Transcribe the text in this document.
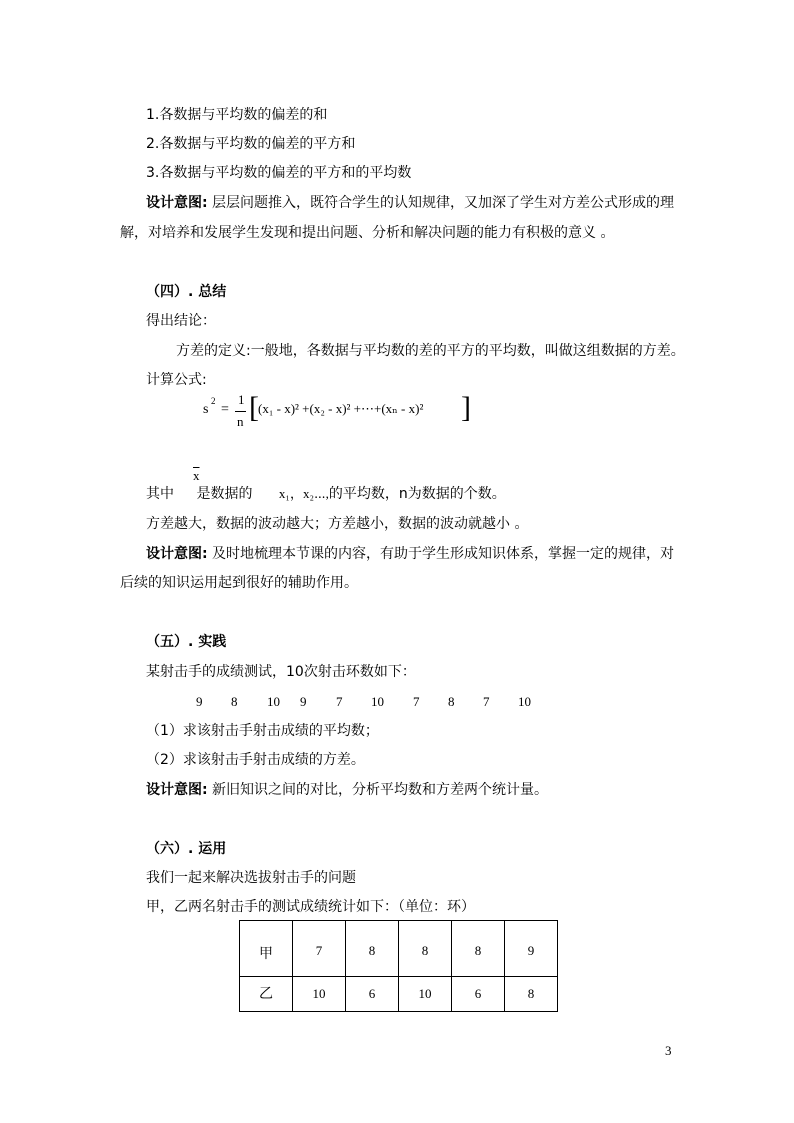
1.各数据与平均数的偏差的和
2.各数据与平均数的偏差的平方和
3.各数据与平均数的偏差的平方和的平均数
设计意图: 层层问题推入，既符合学生的认知规律，又加深了学生对方差公式形成的理
解，对培养和发展学生发现和提出问题、分析和解决问题的能力有积极的意义 。
（四）. 总结
得出结论：
方差的定义:一般地，各数据与平均数的差的平方的平均数，叫做这组数据的方差。
计算公式:
s
2
=
1
n [ (x₁ - x)² +(x₂ - x)² +⋯+(xₙ - x)² ]
$\overline{x}$
其中 是数据的 x₁，x₂⋯,的平均数，n为数据的个数。
方差越大，数据的波动越大；方差越小，数据的波动就越小 。
设计意图: 及时地梳理本节课的内容，有助于学生形成知识体系，掌握一定的规律，对
后续的知识运用起到很好的辅助作用。
（五）. 实践
某射击手的成绩测试，10次射击环数如下：
9 8 10 9 7 10 7 8 7 10
（1）求该射击手射击成绩的平均数；
（2）求该射击手射击成绩的方差。
设计意图: 新旧知识之间的对比，分析平均数和方差两个统计量。
（六）. 运用
我们一起来解决选拔射击手的问题
甲，乙两名射击手的测试成绩统计如下：（单位：环）
甲	7	8	8	8	9
乙	10	6	10	6	8
3
